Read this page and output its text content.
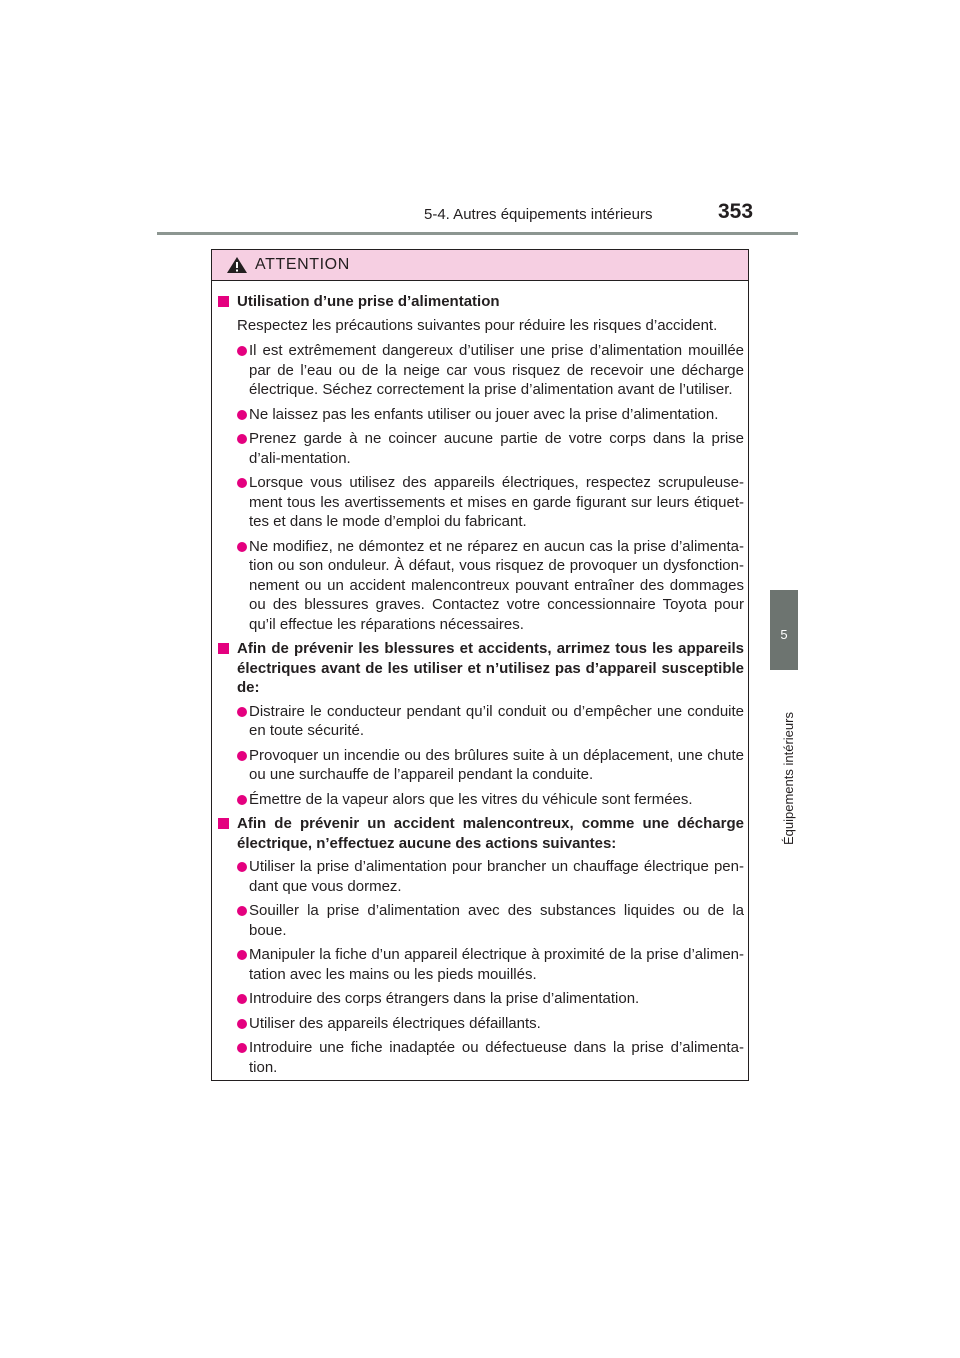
5-4. Autres équipements intérieurs	353
5
Équipements intérieurs
ATTENTION
Utilisation d’une prise d’alimentation
Respectez les précautions suivantes pour réduire les risques d’accident.
Il est extrêmement dangereux d’utiliser une prise d’alimentation mouillée par de l’eau ou de la neige car vous risquez de recevoir une décharge électrique. Séchez correctement la prise d’alimentation avant de l’utiliser.
Ne laissez pas les enfants utiliser ou jouer avec la prise d’alimentation.
Prenez garde à ne coincer aucune partie de votre corps dans la prise d’ali-mentation.
Lorsque vous utilisez des appareils électriques, respectez scrupuleuse-ment tous les avertissements et mises en garde figurant sur leurs étiquet-tes et dans le mode d’emploi du fabricant.
Ne modifiez, ne démontez et ne réparez en aucun cas la prise d’alimenta-tion ou son onduleur. À défaut, vous risquez de provoquer un dysfonction-nement ou un accident malencontreux pouvant entraîner des dommages ou des blessures graves. Contactez votre concessionnaire Toyota pour qu’il effectue les réparations nécessaires.
Afin de prévenir les blessures et accidents, arrimez tous les appareils électriques avant de les utiliser et n’utilisez pas d’appareil susceptible de:
Distraire le conducteur pendant qu’il conduit ou d’empêcher une conduite en toute sécurité.
Provoquer un incendie ou des brûlures suite à un déplacement, une chute ou une surchauffe de l’appareil pendant la conduite.
Émettre de la vapeur alors que les vitres du véhicule sont fermées.
Afin de prévenir un accident malencontreux, comme une décharge électrique, n’effectuez aucune des actions suivantes:
Utiliser la prise d’alimentation pour brancher un chauffage électrique pen-dant que vous dormez.
Souiller la prise d’alimentation avec des substances liquides ou de la boue.
Manipuler la fiche d’un appareil électrique à proximité de la prise d’alimen-tation avec les mains ou les pieds mouillés.
Introduire des corps étrangers dans la prise d’alimentation.
Utiliser des appareils électriques défaillants.
Introduire une fiche inadaptée ou défectueuse dans la prise d’alimenta-tion.
